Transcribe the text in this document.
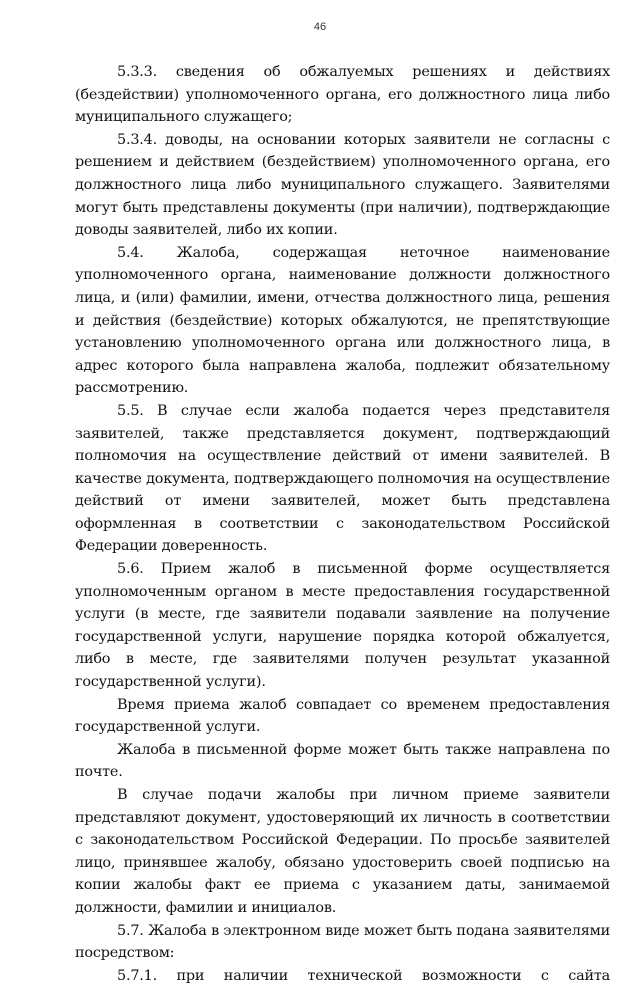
46

5.3.3. сведения об обжалуемых решениях и действиях (бездействии) уполномоченного органа, его должностного лица либо муниципального служащего;

5.3.4. доводы, на основании которых заявители не согласны с решением и действием (бездействием) уполномоченного органа, его должностного лица либо муниципального служащего. Заявителями могут быть представлены документы (при наличии), подтверждающие доводы заявителей, либо их копии.

5.4. Жалоба, содержащая неточное наименование уполномоченного органа, наименование должности должностного лица, и (или) фамилии, имени, отчества должностного лица, решения и действия (бездействие) которых обжалуются, не препятствующие установлению уполномоченного органа или должностного лица, в адрес которого была направлена жалоба, подлежит обязательному рассмотрению.

5.5. В случае если жалоба подается через представителя заявителей, также представляется документ, подтверждающий полномочия на осуществление действий от имени заявителей. В качестве документа, подтверждающего полномочия на осуществление действий от имени заявителей, может быть представлена оформленная в соответствии с законодательством Российской Федерации доверенность.

5.6. Прием жалоб в письменной форме осуществляется уполномоченным органом в месте предоставления государственной услуги (в месте, где заявители подавали заявление на получение государственной услуги, нарушение порядка которой обжалуется, либо в месте, где заявителями получен результат указанной государственной услуги).

Время приема жалоб совпадает со временем предоставления государственной услуги.

Жалоба в письменной форме может быть также направлена по почте.

В случае подачи жалобы при личном приеме заявители представляют документ, удостоверяющий их личность в соответствии с законодательством Российской Федерации. По просьбе заявителей лицо, принявшее жалобу, обязано удостоверить своей подписью на копии жалобы факт ее приема с указанием даты, занимаемой должности, фамилии и инициалов.

5.7. Жалоба в электронном виде может быть подана заявителями посредством:

5.7.1. при наличии технической возможности с сайта
